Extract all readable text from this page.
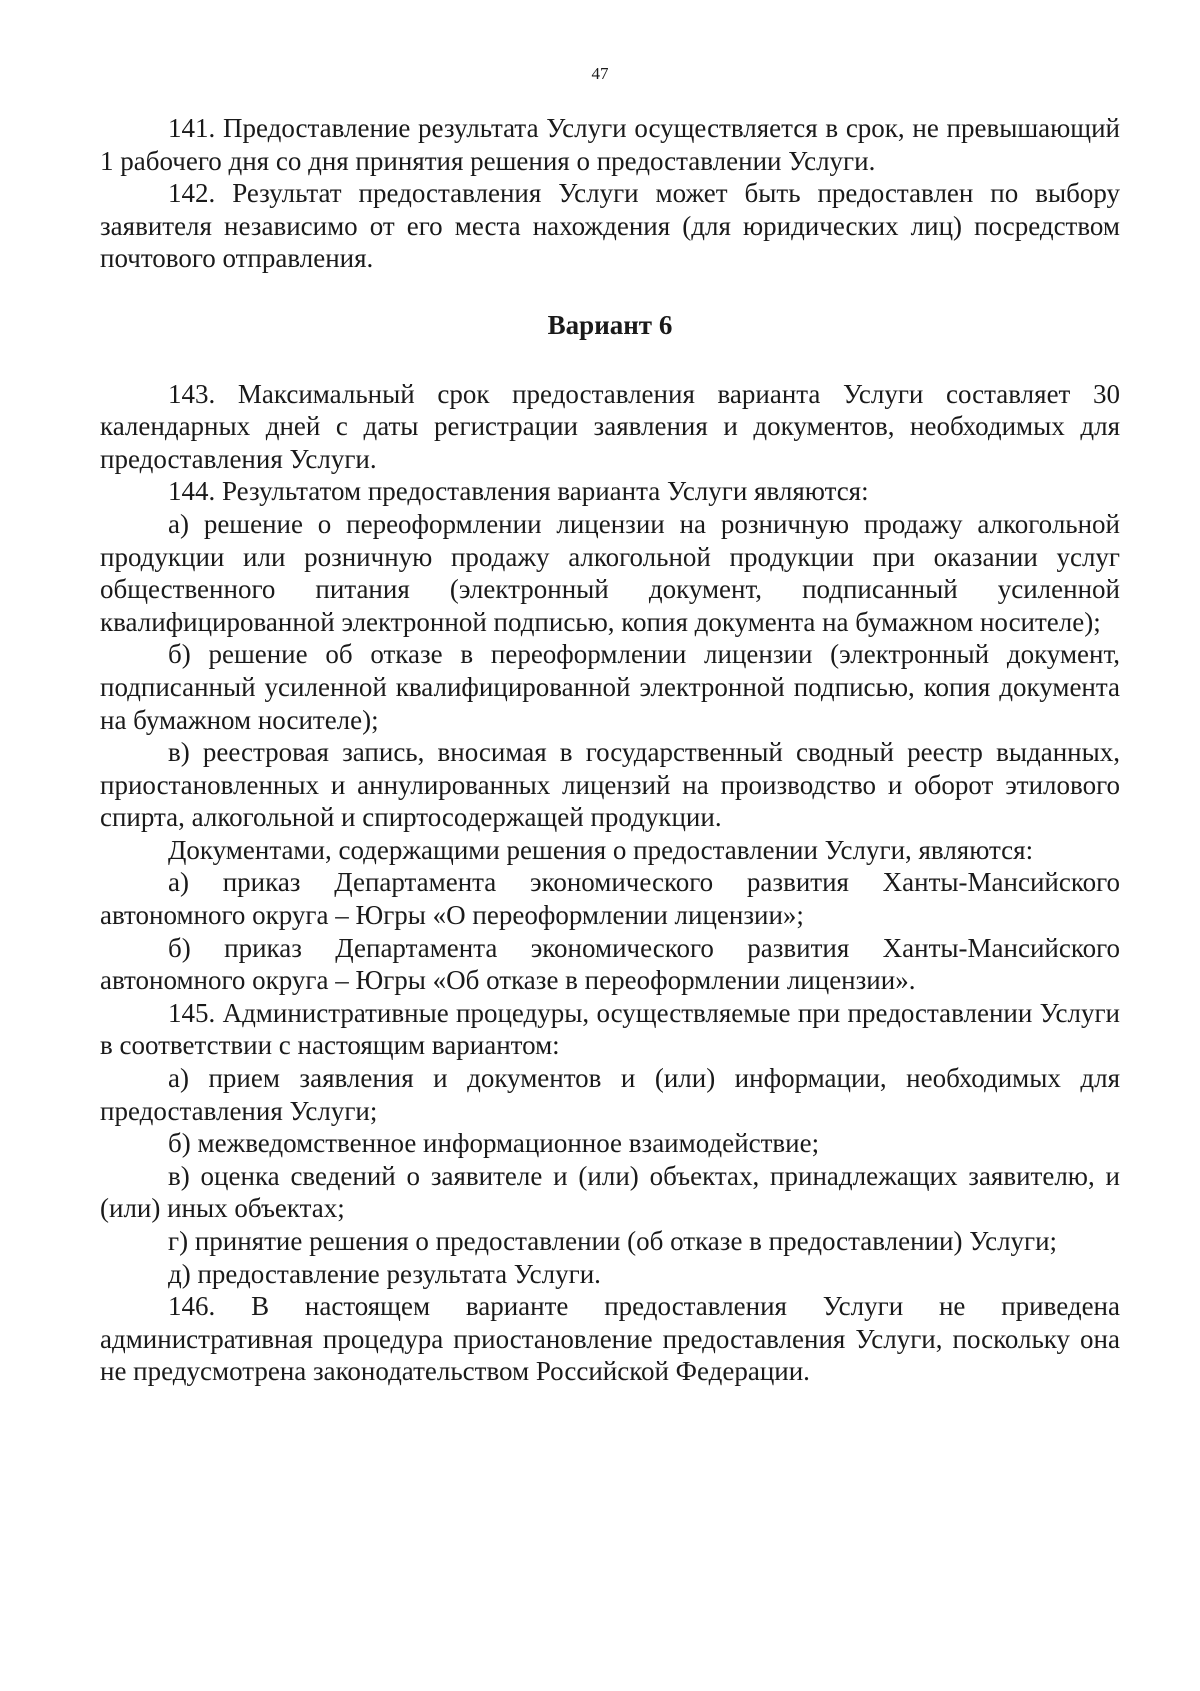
47

141. Предоставление результата Услуги осуществляется в срок, не превышающий 1 рабочего дня со дня принятия решения о предоставлении Услуги.

142. Результат предоставления Услуги может быть предоставлен по выбору заявителя независимо от его места нахождения (для юридических лиц) посредством почтового отправления.

Вариант 6

143. Максимальный срок предоставления варианта Услуги составляет 30 календарных дней с даты регистрации заявления и документов, необходимых для предоставления Услуги.

144. Результатом предоставления варианта Услуги являются:

а) решение о переоформлении лицензии на розничную продажу алкогольной продукции или розничную продажу алкогольной продукции при оказании услуг общественного питания (электронный документ, подписанный усиленной квалифицированной электронной подписью, копия документа на бумажном носителе);

б) решение об отказе в переоформлении лицензии (электронный документ, подписанный усиленной квалифицированной электронной подписью, копия документа на бумажном носителе);

в) реестровая запись, вносимая в государственный сводный реестр выданных, приостановленных и аннулированных лицензий на производство и оборот этилового спирта, алкогольной и спиртосодержащей продукции.

Документами, содержащими решения о предоставлении Услуги, являются:

а) приказ Департамента экономического развития Ханты-Мансийского автономного округа – Югры «О переоформлении лицензии»;

б) приказ Департамента экономического развития Ханты-Мансийского автономного округа – Югры «Об отказе в переоформлении лицензии».

145. Административные процедуры, осуществляемые при предоставлении Услуги в соответствии с настоящим вариантом:

а) прием заявления и документов и (или) информации, необходимых для предоставления Услуги;

б) межведомственное информационное взаимодействие;

в) оценка сведений о заявителе и (или) объектах, принадлежащих заявителю, и (или) иных объектах;

г) принятие решения о предоставлении (об отказе в предоставлении) Услуги;

д) предоставление результата Услуги.

146. В настоящем варианте предоставления Услуги не приведена административная процедура приостановление предоставления Услуги, поскольку она не предусмотрена законодательством Российской Федерации.
